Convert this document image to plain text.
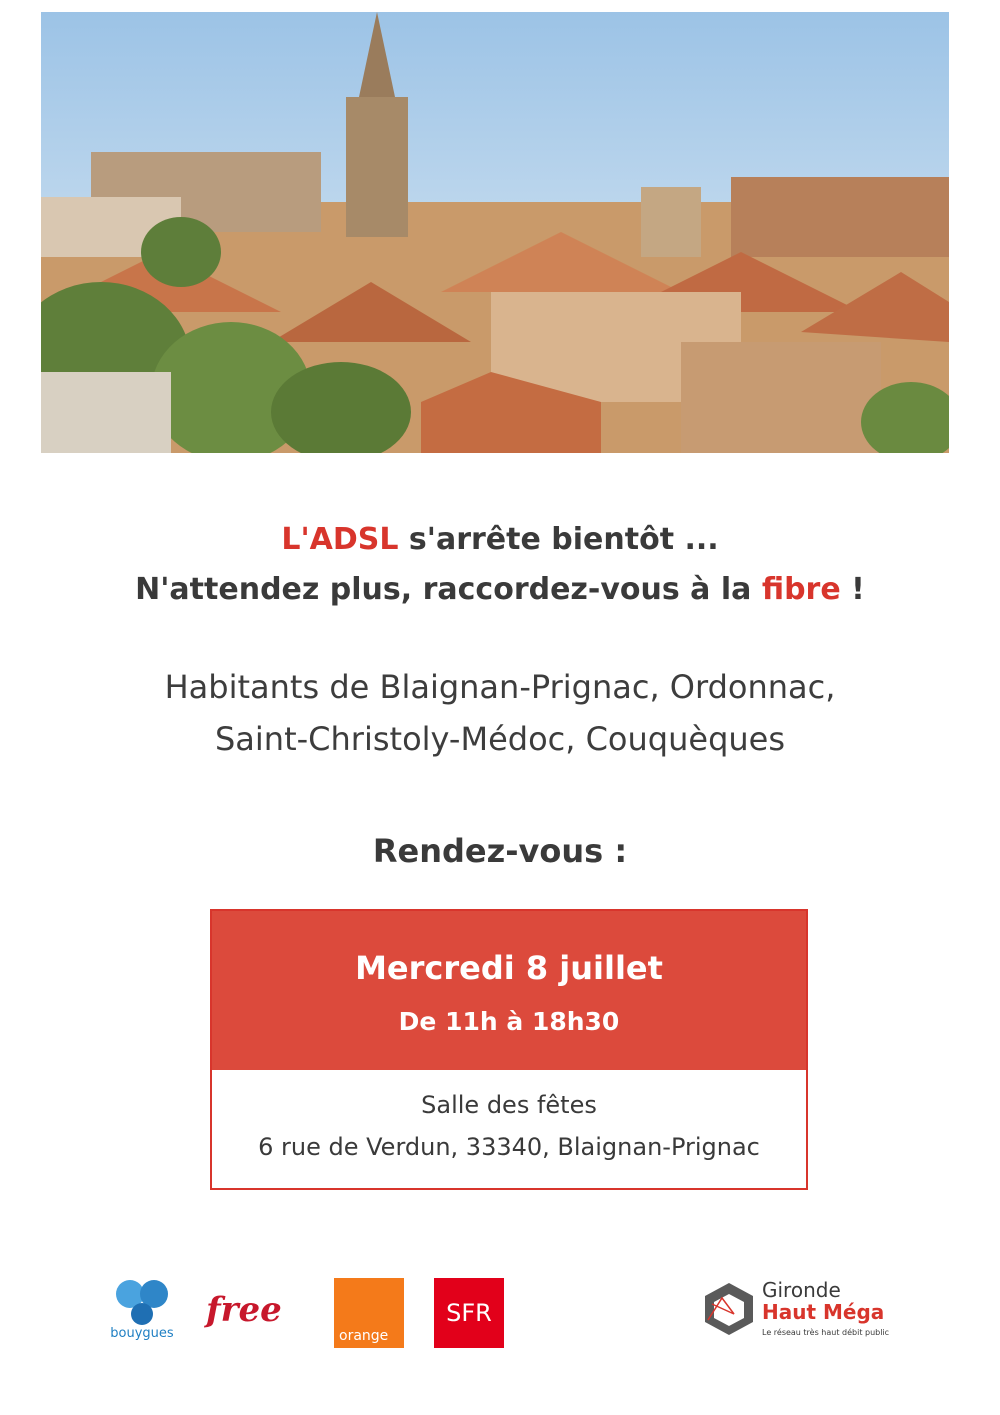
L'ADSL s'arrête bientôt ...
N'attendez plus, raccordez-vous à la fibre !
Habitants de Blaignan-Prignac, Ordonnac,
Saint-Christoly-Médoc, Couquèques
Rendez-vous :
Mercredi 8 juillet
De 11h à 18h30
Salle des fêtes
6 rue de Verdun, 33340, Blaignan-Prignac
bouygues
free
orange
SFR
Gironde
Haut Méga
Le réseau très haut débit public
